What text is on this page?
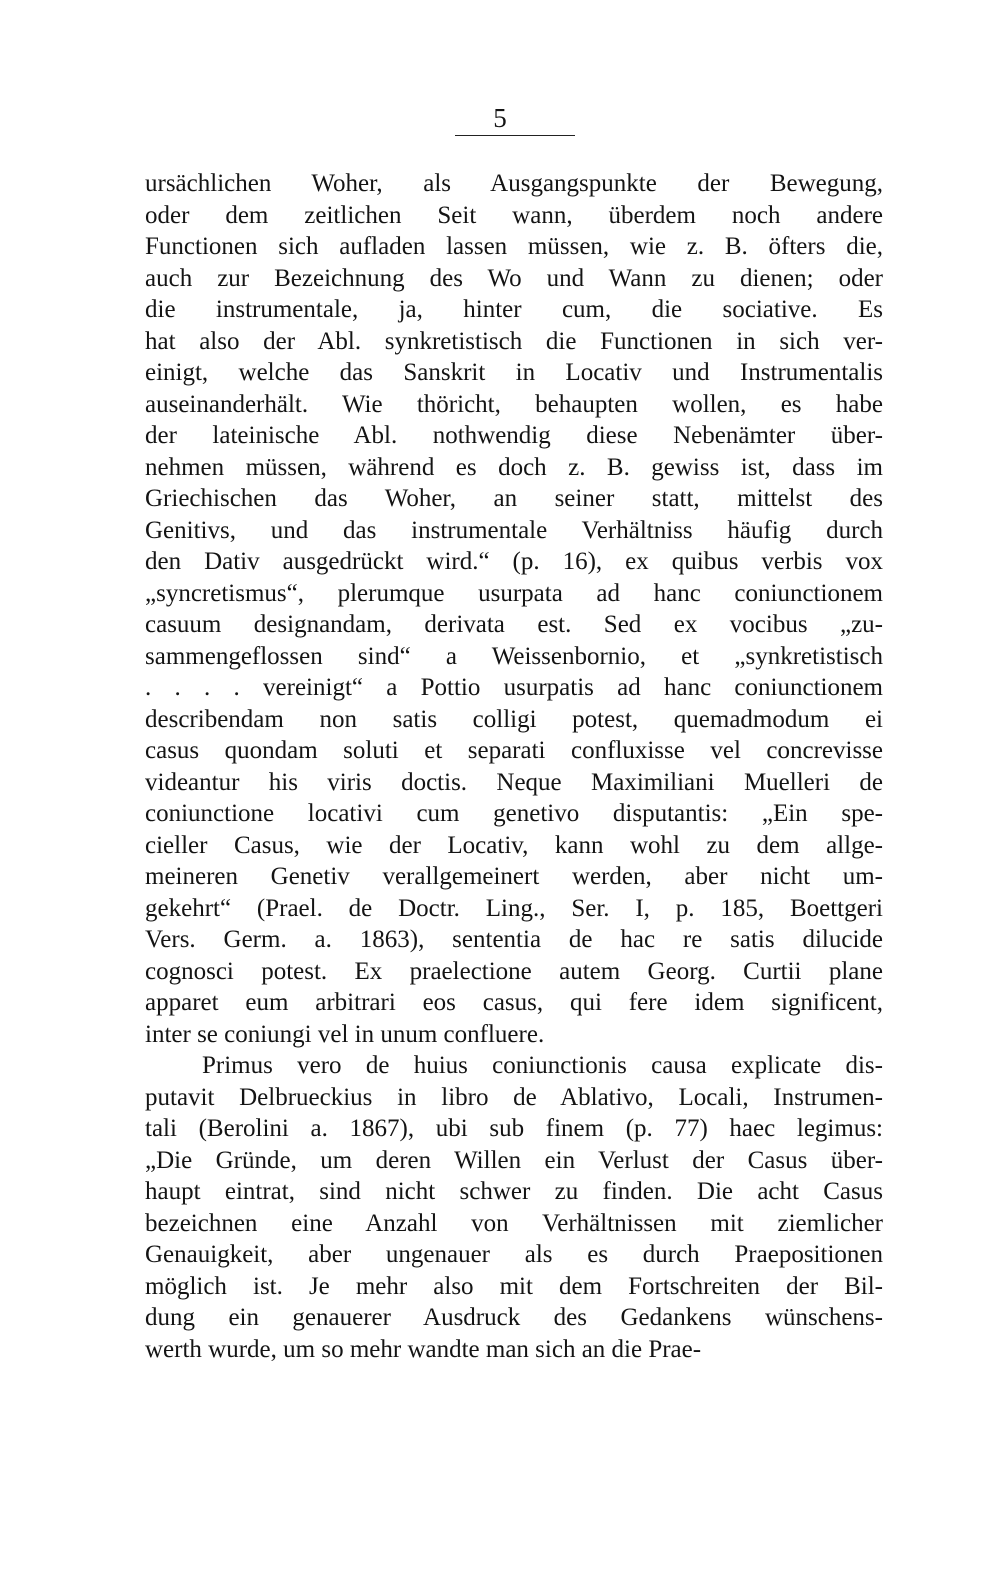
5
ursächlichen Woher, als Ausgangspunkte der Bewegung,
oder dem zeitlichen Seit wann, überdem noch andere
Functionen sich aufladen lassen müssen, wie z. B. öfters die,
auch zur Bezeichnung des Wo und Wann zu dienen; oder
die instrumentale, ja, hinter cum, die sociative. Es
hat also der Abl. synkretistisch die Functionen in sich ver-
einigt, welche das Sanskrit in Locativ und Instrumentalis
auseinanderhält. Wie thöricht, behaupten wollen, es habe
der lateinische Abl. nothwendig diese Nebenämter über-
nehmen müssen, während es doch z. B. gewiss ist, dass im
Griechischen das Woher, an seiner statt, mittelst des
Genitivs, und das instrumentale Verhältniss häufig durch
den Dativ ausgedrückt wird.“ (p. 16), ex quibus verbis vox
„syncretismus“, plerumque usurpata ad hanc coniunctionem
casuum designandam, derivata est. Sed ex vocibus „zu-
sammengeflossen sind“ a Weissenbornio, et „synkretistisch
. . . . vereinigt“ a Pottio usurpatis ad hanc coniunctionem
describendam non satis colligi potest, quemadmodum ei
casus quondam soluti et separati confluxisse vel concrevisse
videantur his viris doctis. Neque Maximiliani Muelleri de
coniunctione locativi cum genetivo disputantis: „Ein spe-
cieller Casus, wie der Locativ, kann wohl zu dem allge-
meineren Genetiv verallgemeinert werden, aber nicht um-
gekehrt“ (Prael. de Doctr. Ling., Ser. I, p. 185, Boettgeri
Vers. Germ. a. 1863), sententia de hac re satis dilucide
cognosci potest. Ex praelectione autem Georg. Curtii plane
apparet eum arbitrari eos casus, qui fere idem significent,
inter se coniungi vel in unum confluere.
Primus vero de huius coniunctionis causa explicate dis-
putavit Delbrueckius in libro de Ablativo, Locali, Instrumen-
tali (Berolini a. 1867), ubi sub finem (p. 77) haec legimus:
„Die Gründe, um deren Willen ein Verlust der Casus über-
haupt eintrat, sind nicht schwer zu finden. Die acht Casus
bezeichnen eine Anzahl von Verhältnissen mit ziemlicher
Genauigkeit, aber ungenauer als es durch Praepositionen
möglich ist. Je mehr also mit dem Fortschreiten der Bil-
dung ein genauerer Ausdruck des Gedankens wünschens-
werth wurde, um so mehr wandte man sich an die Prae-
